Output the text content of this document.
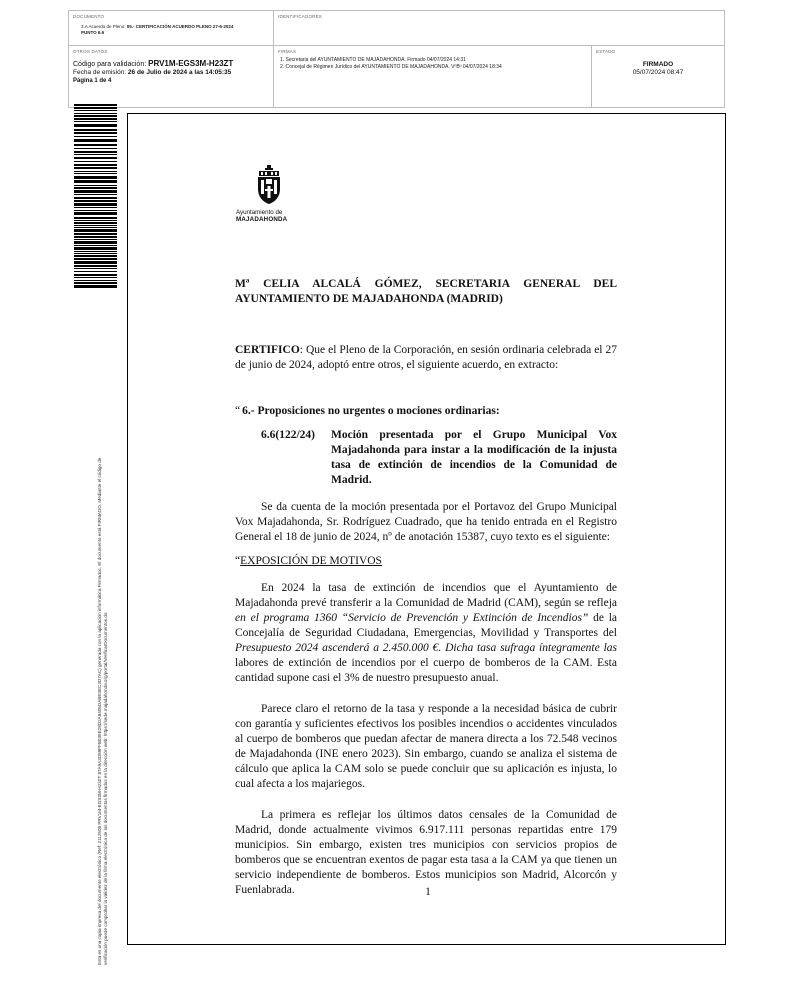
DOCUMENTO
3.A Acuerdo de Pleno: 05.- CERTIFICACIÓN ACUERDO PLENO 27-6-2024
PUNTO 6.6
IDENTIFICADORES
OTROS DATOS
Código para validación: PRV1M-EGS3M-H23ZT
Fecha de emisión: 26 de Julio de 2024 a las 14:05:35
Página 1 de 4
FIRMAS
1. Secretaria del AYUNTAMIENTO DE MAJADAHONDA. Firmado 04/07/2024 14:31
2. Concejal de Régimen Jurídico del AYUNTAMIENTO DE MAJADAHONDA. VºBº 04/07/2024 18:34
ESTADO
FIRMADO
05/07/2024 08:47
Esta es una copia impresa del documento electrónico (Ref: 2112508 PRV1M-EGS3M-H23ZT 87A9A3D89FFB035E28D2A8405DABE3EC4D7AC) generada con la aplicación informática Firmadoc. El documento está FIRMADO. Mediante el código de verificación puede comprobar la validez de la firma electrónica de los documentos firmados en la dirección web: https://sede.majadahonda.org/portal/VerificarDocumentos.do
Ayuntamiento de
MAJADAHONDA
Mª CELIA ALCALÁ GÓMEZ, SECRETARIA GENERAL DEL
AYUNTAMIENTO DE MAJADAHONDA (MADRID)

CERTIFICO: Que el Pleno de la Corporación, en sesión ordinaria celebrada el 27 de junio de 2024, adoptó entre otros, el siguiente acuerdo, en extracto:

“ 6.- Proposiciones no urgentes o mociones ordinarias:
6.6(122/24)	Moción presentada por el Grupo Municipal Vox Majadahonda para instar a la modificación de la injusta tasa de extinción de incendios de la Comunidad de Madrid.

Se da cuenta de la moción presentada por el Portavoz del Grupo Municipal Vox Majadahonda, Sr. Rodríguez Cuadrado, que ha tenido entrada en el Registro General el 18 de junio de 2024, nº de anotación 15387, cuyo texto es el siguiente:

“EXPOSICIÓN DE MOTIVOS

En 2024 la tasa de extinción de incendios que el Ayuntamiento de Majadahonda prevé transferir a la Comunidad de Madrid (CAM), según se refleja en el programa 1360 “Servicio de Prevención y Extinción de Incendios” de la Concejalía de Seguridad Ciudadana, Emergencias, Movilidad y Transportes del Presupuesto 2024 ascenderá a 2.450.000 €. Dicha tasa sufraga íntegramente las labores de extinción de incendios por el cuerpo de bomberos de la CAM. Esta cantidad supone casi el 3% de nuestro presupuesto anual.

Parece claro el retorno de la tasa y responde a la necesidad básica de cubrir con garantía y suficientes efectivos los posibles incendios o accidentes vinculados al cuerpo de bomberos que puedan afectar de manera directa a los 72.548 vecinos de Majadahonda (INE enero 2023). Sin embargo, cuando se analiza el sistema de cálculo que aplica la CAM solo se puede concluir que su aplicación es injusta, lo cual afecta a los majariegos.

La primera es reflejar los últimos datos censales de la Comunidad de Madrid, donde actualmente vivimos 6.917.111 personas repartidas entre 179 municipios. Sin embargo, existen tres municipios con servicios propios de bomberos que se encuentran exentos de pagar esta tasa a la CAM ya que tienen un servicio independiente de bomberos. Estos municipios son Madrid, Alcorcón y Fuenlabrada.	1
